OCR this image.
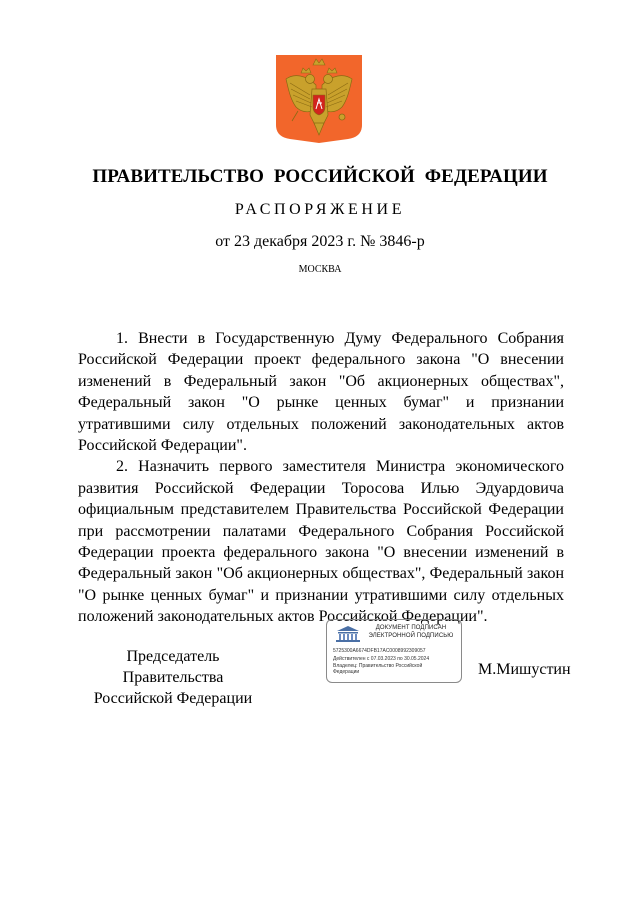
ПРАВИТЕЛЬСТВО РОССИЙСКОЙ ФЕДЕРАЦИИ
РАСПОРЯЖЕНИЕ
от 23 декабря 2023 г. № 3846-р
МОСКВА

1. Внести в Государственную Думу Федерального Собрания Российской Федерации проект федерального закона "О внесении изменений в Федеральный закон "Об акционерных обществах", Федеральный закон "О рынке ценных бумаг" и признании утратившими силу отдельных положений законодательных актов Российской Федерации".

2. Назначить первого заместителя Министра экономического развития Российской Федерации Торосова Илью Эдуардовича официальным представителем Правительства Российской Федерации при рассмотрении палатами Федерального Собрания Российской Федерации проекта федерального закона "О внесении изменений в Федеральный закон "Об акционерных обществах", Федеральный закон "О рынке ценных бумаг" и признании утратившими силу отдельных положений законодательных актов Российской Федерации".

Председатель Правительства
Российской Федерации
ДОКУМЕНТ ПОДПИСАН
ЭЛЕКТРОННОЙ ПОДПИСЬЮ
5725300A6674DFB17AC0008992309057
Действителен с 07.03.2023 по 30.05.2024
Владелец: Правительство Российской
Федерации	М.Мишустин
